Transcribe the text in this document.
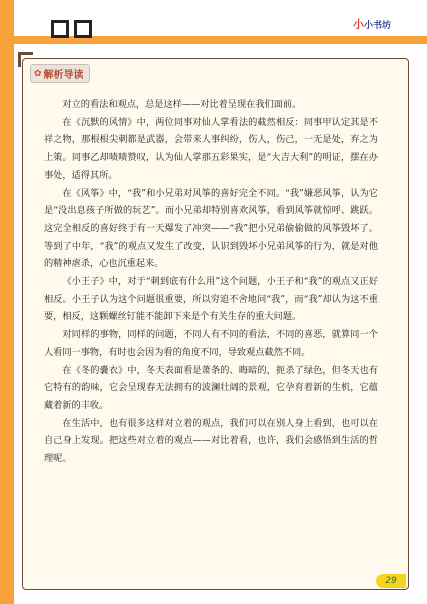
小小书坊
✿ 解析导读

对立的看法和观点，总是这样——对比着呈现在我们面前。

在《沉默的风情》中，两位同事对仙人掌看法的截然相反：同事甲认定其是不祥之物，那根根尖刺都是武器，会带来人事纠纷，伤人，伤己，一无是处，弃之为上策。同事乙却啧啧赞叹，认为仙人掌那五彩果实，是“大吉大利”的明证，摆在办事处，适得其所。

在《风筝》中，“我”和小兄弟对风筝的喜好完全不同。“我”嫌恶风筝，认为它是“没出息孩子所做的玩艺”。而小兄弟却特别喜欢风筝，看到风筝就惊呼、跳跃。这完全相反的喜好终于有一天爆发了冲突——“我”把小兄弟偷偷做的风筝毁坏了。等到了中年，“我”的观点又发生了改变，认识到毁坏小兄弟风筝的行为，就是对他的精神虐杀，心也沉重起来。

《小王子》中，对于“刺到底有什么用”这个问题，小王子和“我”的观点又正好相反。小王子认为这个问题很重要，所以穷追不舍地问“我”，而“我”却认为这不重要，相反，这颗螺丝钉能不能卸下来是个有关生存的重大问题。

对同样的事物，同样的问题，不同人有不同的看法，不同的喜恶，就算同一个人看同一事物，有时也会因为看的角度不同，导致观点截然不同。

在《冬的嚢衣》中，冬天表面看是萧条的、晦暗的，扼杀了绿色，但冬天也有它特有的韵味，它会呈现春无法拥有的波澜壮阔的景观，它孕育着新的生机，它蕴藏着新的丰收。

在生活中，也有很多这样对立着的观点，我们可以在别人身上看到，也可以在自己身上发现。把这些对立着的观点——对比着看，也许，我们会感悟到生活的哲理呢。

29
